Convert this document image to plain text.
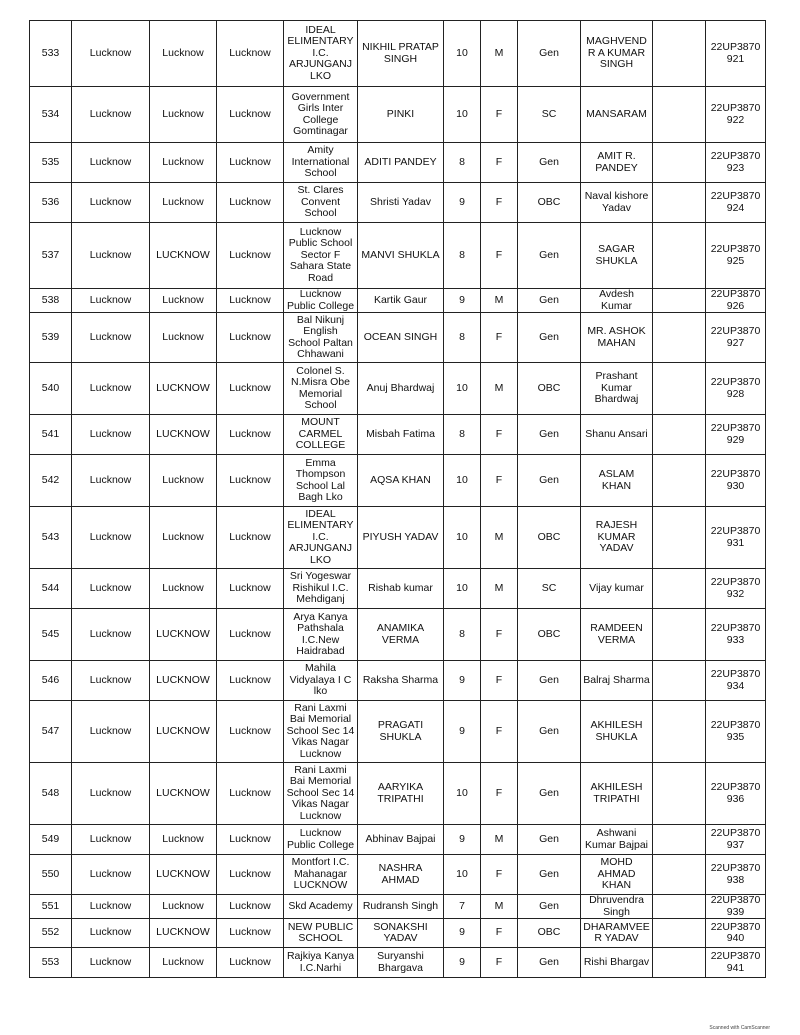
533	Lucknow	Lucknow	Lucknow	IDEAL ELIMENTARY I.C. ARJUNGANJ LKO	NIKHIL PRATAP SINGH	10	M	Gen	MAGHVENDR A KUMAR SINGH		22UP3870 921
534	Lucknow	Lucknow	Lucknow	Government Girls Inter College Gomtinagar	PINKI	10	F	SC	MANSARAM		22UP3870 922
535	Lucknow	Lucknow	Lucknow	Amity International School	ADITI PANDEY	8	F	Gen	AMIT R. PANDEY		22UP3870 923
536	Lucknow	Lucknow	Lucknow	St. Clares Convent School	Shristi Yadav	9	F	OBC	Naval kishore Yadav		22UP3870 924
537	Lucknow	LUCKNOW	Lucknow	Lucknow Public School Sector F Sahara State Road	MANVI SHUKLA	8	F	Gen	SAGAR SHUKLA		22UP3870 925
538	Lucknow	Lucknow	Lucknow	Lucknow Public College	Kartik Gaur	9	M	Gen	Avdesh Kumar		22UP3870 926
539	Lucknow	Lucknow	Lucknow	Bal Nikunj English School Paltan Chhawani	OCEAN SINGH	8	F	Gen	MR. ASHOK MAHAN		22UP3870 927
540	Lucknow	LUCKNOW	Lucknow	Colonel S. N.Misra Obe Memorial School	Anuj Bhardwaj	10	M	OBC	Prashant Kumar Bhardwaj		22UP3870 928
541	Lucknow	LUCKNOW	Lucknow	MOUNT CARMEL COLLEGE	Misbah Fatima	8	F	Gen	Shanu Ansari		22UP3870 929
542	Lucknow	Lucknow	Lucknow	Emma Thompson School Lal Bagh Lko	AQSA KHAN	10	F	Gen	ASLAM KHAN		22UP3870 930
543	Lucknow	Lucknow	Lucknow	IDEAL ELIMENTARY I.C. ARJUNGANJ LKO	PIYUSH YADAV	10	M	OBC	RAJESH KUMAR YADAV		22UP3870 931
544	Lucknow	Lucknow	Lucknow	Sri Yogeswar Rishikul I.C. Mehdiganj	Rishab kumar	10	M	SC	Vijay kumar		22UP3870 932
545	Lucknow	LUCKNOW	Lucknow	Arya Kanya Pathshala I.C.New Haidrabad	ANAMIKA VERMA	8	F	OBC	RAMDEEN VERMA		22UP3870 933
546	Lucknow	LUCKNOW	Lucknow	Mahila Vidyalaya I C lko	Raksha Sharma	9	F	Gen	Balraj Sharma		22UP3870 934
547	Lucknow	LUCKNOW	Lucknow	Rani Laxmi Bai Memorial School Sec 14 Vikas Nagar Lucknow	PRAGATI SHUKLA	9	F	Gen	AKHILESH SHUKLA		22UP3870 935
548	Lucknow	LUCKNOW	Lucknow	Rani Laxmi Bai Memorial School Sec 14 Vikas Nagar Lucknow	AARYIKA TRIPATHI	10	F	Gen	AKHILESH TRIPATHI		22UP3870 936
549	Lucknow	Lucknow	Lucknow	Lucknow Public College	Abhinav Bajpai	9	M	Gen	Ashwani Kumar Bajpai		22UP3870 937
550	Lucknow	LUCKNOW	Lucknow	Montfort I.C. Mahanagar LUCKNOW	NASHRA AHMAD	10	F	Gen	MOHD AHMAD KHAN		22UP3870 938
551	Lucknow	Lucknow	Lucknow	Skd Academy	Rudransh Singh	7	M	Gen	Dhruvendra Singh		22UP3870 939
552	Lucknow	LUCKNOW	Lucknow	NEW PUBLIC SCHOOL	SONAKSHI YADAV	9	F	OBC	DHARAMVEE R YADAV		22UP3870 940
553	Lucknow	Lucknow	Lucknow	Rajkiya Kanya I.C.Narhi	Suryanshi Bhargava	9	F	Gen	Rishi Bhargav		22UP3870 941
Scanned with CamScanner
